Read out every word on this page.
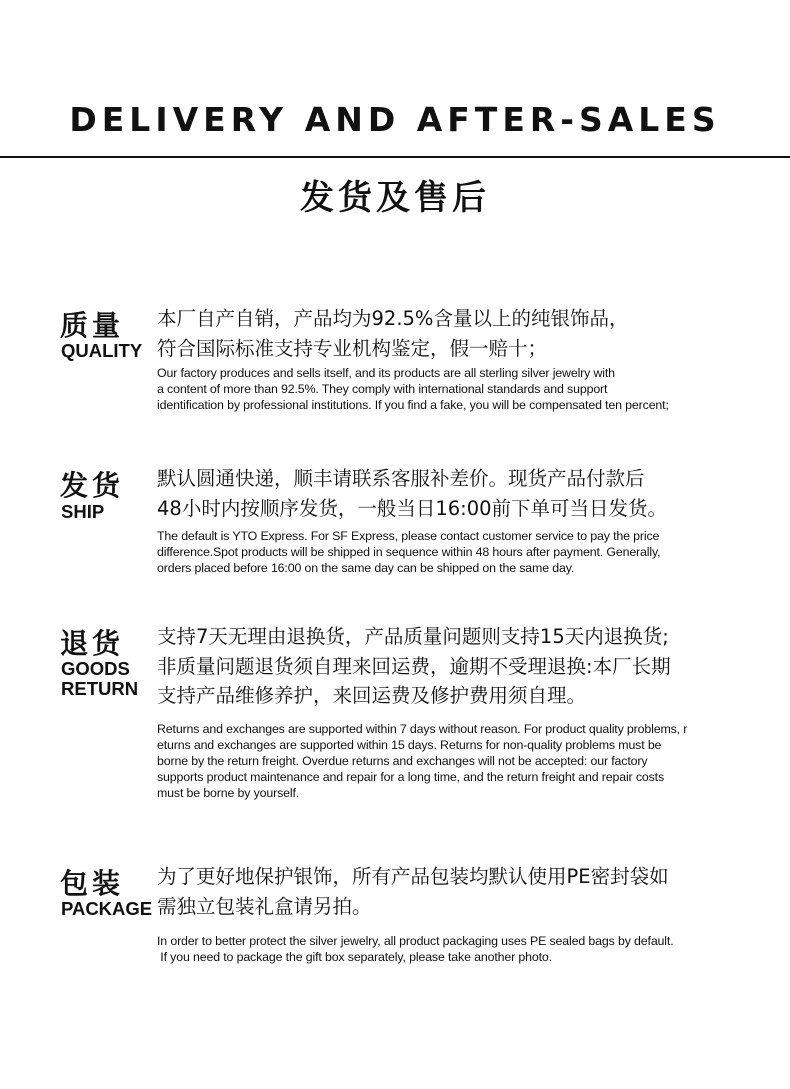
DELIVERY AND AFTER-SALES
发货及售后
质量
QUALITY
本厂自产自销，产品均为92.5%含量以上的纯银饰品，
符合国际标准支持专业机构鉴定，假一赔十；
Our factory produces and sells itself, and its products are all sterling silver jewelry with
a content of more than 92.5%. They comply with international standards and support
identification by professional institutions. If you find a fake, you will be compensated ten percent;
发货
SHIP
默认圆通快递，顺丰请联系客服补差价。现货产品付款后
48小时内按顺序发货，一般当日16:00前下单可当日发货。
The default is YTO Express. For SF Express, please contact customer service to pay the price
difference.Spot products will be shipped in sequence within 48 hours after payment. Generally,
orders placed before 16:00 on the same day can be shipped on the same day.
退货
GOODS
RETURN
支持7天无理由退换货，产品质量问题则支持15天内退换货;
非质量问题退货须自理来回运费，逾期不受理退换:本厂长期
支持产品维修养护，来回运费及修护费用须自理。
Returns and exchanges are supported within 7 days without reason. For product quality problems, r
eturns and exchanges are supported within 15 days. Returns for non-quality problems must be
borne by the return freight. Overdue returns and exchanges will not be accepted: our factory
supports product maintenance and repair for a long time, and the return freight and repair costs
must be borne by yourself.
包装
PACKAGE
为了更好地保护银饰，所有产品包装均默认使用PE密封袋如
需独立包装礼盒请另拍。
In order to better protect the silver jewelry, all product packaging uses PE sealed bags by default.
If you need to package the gift box separately, please take another photo.
